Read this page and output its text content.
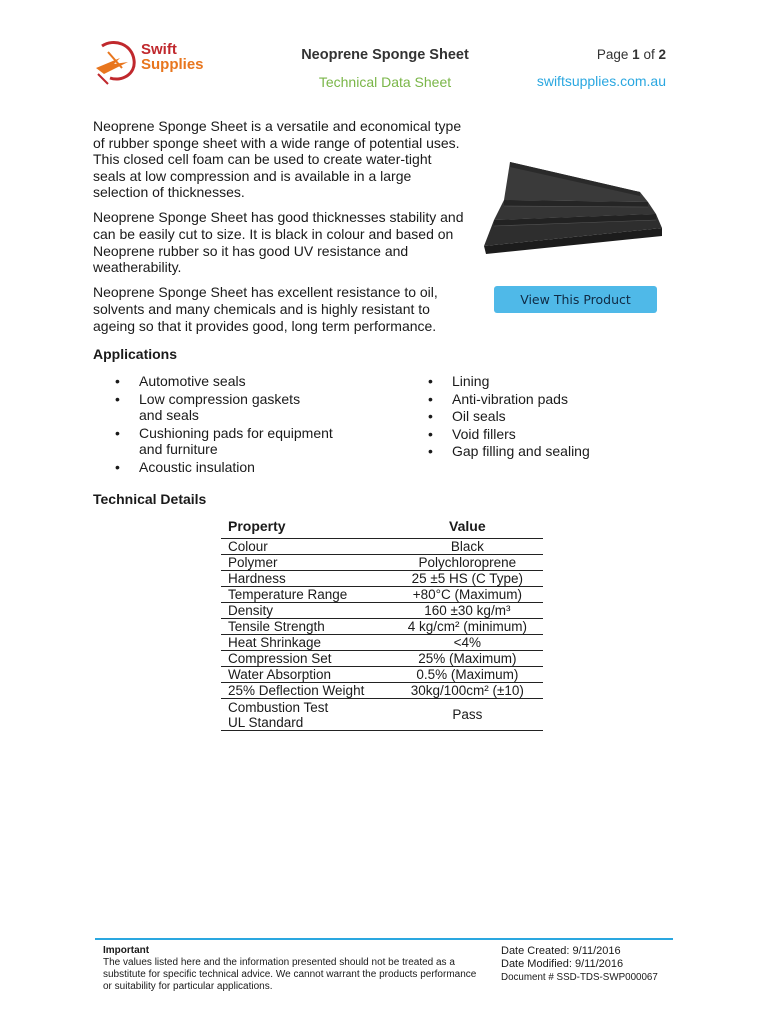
Swift
Supplies
Neoprene Sponge Sheet
Technical Data Sheet
Page 1 of 2
swiftsupplies.com.au

Neoprene Sponge Sheet is a versatile and economical type of rubber sponge sheet with a wide range of potential uses. This closed cell foam can be used to create water-tight seals at low compression and is available in a large selection of thicknesses.

Neoprene Sponge Sheet has good thicknesses stability and can be easily cut to size. It is black in colour and based on Neoprene rubber so it has good UV resistance and weatherability.

Neoprene Sponge Sheet has excellent resistance to oil, solvents and many chemicals and is highly resistant to ageing so that it provides good, long term performance.

View This Product
Applications
• Automotive seals
• Low compression gaskets
and seals
• Cushioning pads for equipment
and furniture
• Acoustic insulation
• Lining
• Anti-vibration pads
• Oil seals
• Void fillers
• Gap filling and sealing
Technical Details
Property	Value
Colour	Black
Polymer	Polychloroprene
Hardness	25 ±5 HS (C Type)
Temperature Range	+80°C (Maximum)
Density	160 ±30 kg/m³
Tensile Strength	4 kg/cm² (minimum)
Heat Shrinkage	<4%
Compression Set	25% (Maximum)
Water Absorption	0.5% (Maximum)
25% Deflection Weight	30kg/100cm² (±10)
Combustion Test
UL Standard	Pass
Important
The values listed here and the information presented should not be treated as a substitute for specific technical advice. We cannot warrant the products performance or suitability for particular applications.
Date Created: 9/11/2016
Date Modified: 9/11/2016
Document # SSD-TDS-SWP000067
